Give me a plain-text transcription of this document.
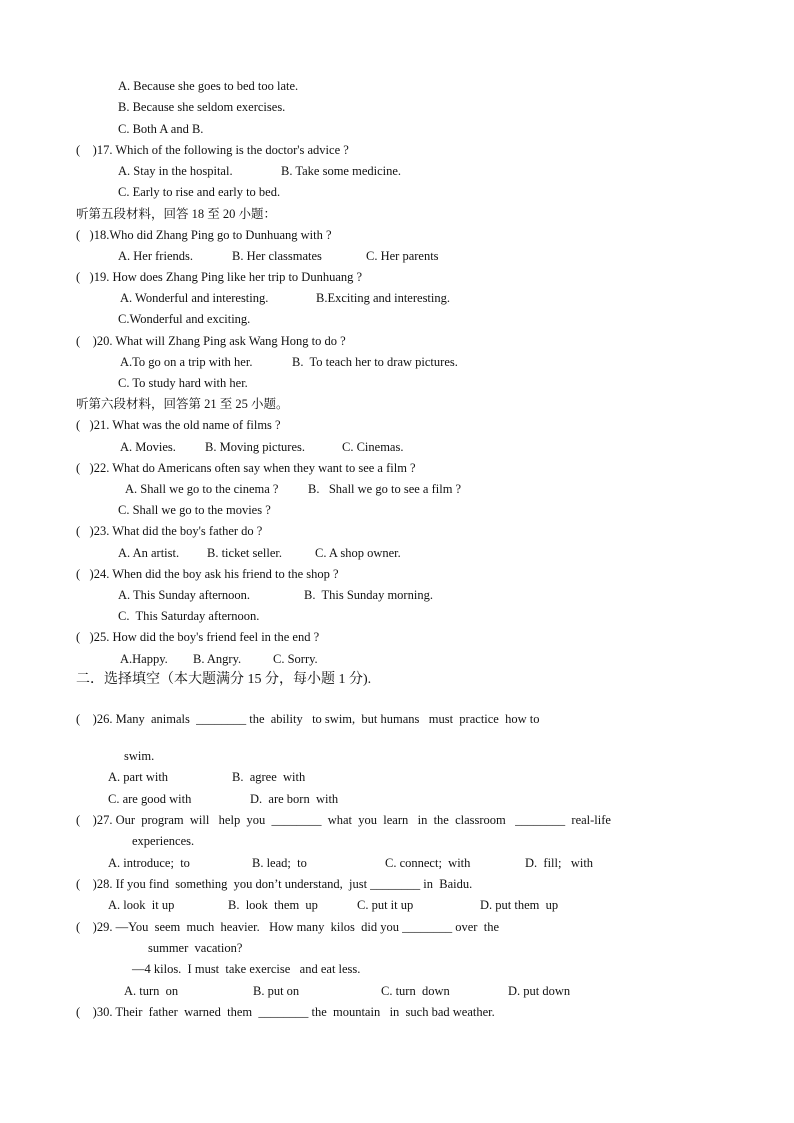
A. Because she goes to bed too late.
B. Because she seldom exercises.
C. Both A and B.
(    )17. Which of the following is the doctor's advice ?
A. Stay in the hospital.	B. Take some medicine.
C. Early to rise and early to bed.
听第五段材料，回答 18 至 20 小题：
(   )18.Who did Zhang Ping go to Dunhuang with ?
A. Her friends.	B. Her classmates	C. Her parents
(   )19. How does Zhang Ping like her trip to Dunhuang ?
A. Wonderful and interesting.	B.Exciting and interesting.
C.Wonderful and exciting.
(    )20. What will Zhang Ping ask Wang Hong to do ?
A.To go on a trip with her.	B.  To teach her to draw pictures.
C. To study hard with her.
听第六段材料，回答第 21 至 25 小题。
(   )21. What was the old name of films ?
A. Movies. B. Moving pictures.	C. Cinemas.
(   )22. What do Americans often say when they want to see a film ?
A. Shall we go to the cinema ? B.   Shall we go to see a film ?
C. Shall we go to the movies ?
(   )23. What did the boy's father do ?
A. An artist. B. ticket seller.	C. A shop owner.
(   )24. When did the boy ask his friend to the shop ?
A. This Sunday afternoon.	B.  This Sunday morning.
C.  This Saturday afternoon.
(   )25. How did the boy's friend feel in the end ?
A.Happy. B. Angry.	C. Sorry.
二．选择填空（本大题满分 15 分，每小题 1 分).
(    )26. Many  animals  ________ the  ability   to swim,  but humans   must  practice  how to
swim.
A. part with	B.  agree  with
C. are good with	D.  are born  with
(    )27. Our  program  will   help  you  ________  what  you  learn   in  the  classroom   ________  real-life
experiences.
A. introduce;  to	B. lead;  to	C. connect;  with	D.  fill;   with
(    )28. If you find  something  you don’t understand,  just ________ in  Baidu.
A. look  it up	B.  look  them  up	C. put it up	D. put them  up
(    )29. —You  seem  much  heavier.   How many  kilos  did you ________ over  the
summer  vacation?
—4 kilos.  I must  take exercise   and eat less.
A. turn  on	B. put on	C. turn  down	D. put down
(    )30. Their  father  warned  them  ________ the  mountain   in  such bad weather.
